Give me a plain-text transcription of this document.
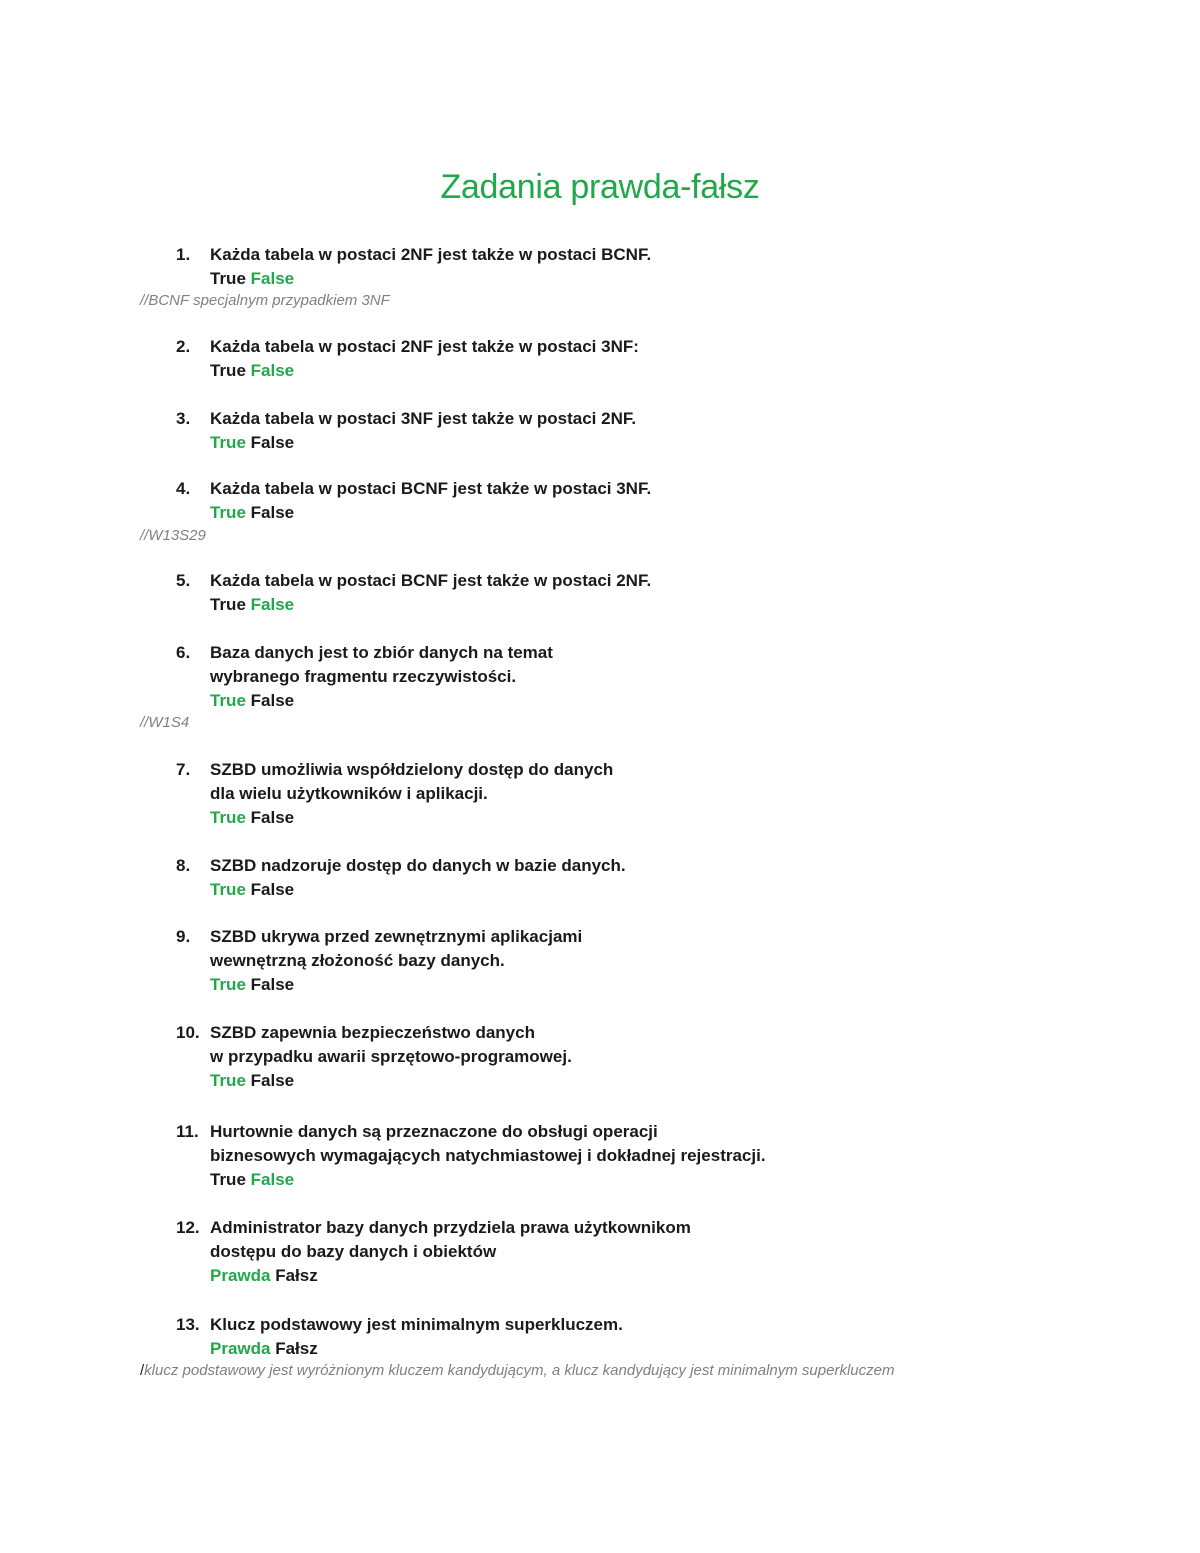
Zadania prawda-fałsz
1. Każda tabela w postaci 2NF jest także w postaci BCNF.
True False
//BCNF specjalnym przypadkiem 3NF
2. Każda tabela w postaci 2NF jest także w postaci 3NF:
True False
3. Każda tabela w postaci 3NF jest także w postaci 2NF.
True False
4. Każda tabela w postaci BCNF jest także w postaci 3NF.
True False
//W13S29
5. Każda tabela w postaci BCNF jest także w postaci 2NF.
True False
6. Baza danych jest to zbiór danych na temat
wybranego fragmentu rzeczywistości.
True False
//W1S4
7. SZBD umożliwia współdzielony dostęp do danych
dla wielu użytkowników i aplikacji.
True False
8. SZBD nadzoruje dostęp do danych w bazie danych.
True False
9. SZBD ukrywa przed zewnętrznymi aplikacjami
wewnętrzną złożoność bazy danych.
True False
10. SZBD zapewnia bezpieczeństwo danych
w przypadku awarii sprzętowo-programowej.
True False
11. Hurtownie danych są przeznaczone do obsługi operacji
biznesowych wymagających natychmiastowej i dokładnej rejestracji.
True False
12. Administrator bazy danych przydziela prawa użytkownikom
dostępu do bazy danych i obiektów
Prawda Fałsz
13. Klucz podstawowy jest minimalnym superkluczem.
Prawda Fałsz
/klucz podstawowy jest wyróżnionym kluczem kandydującym, a klucz kandydujący jest minimalnym superkluczem
